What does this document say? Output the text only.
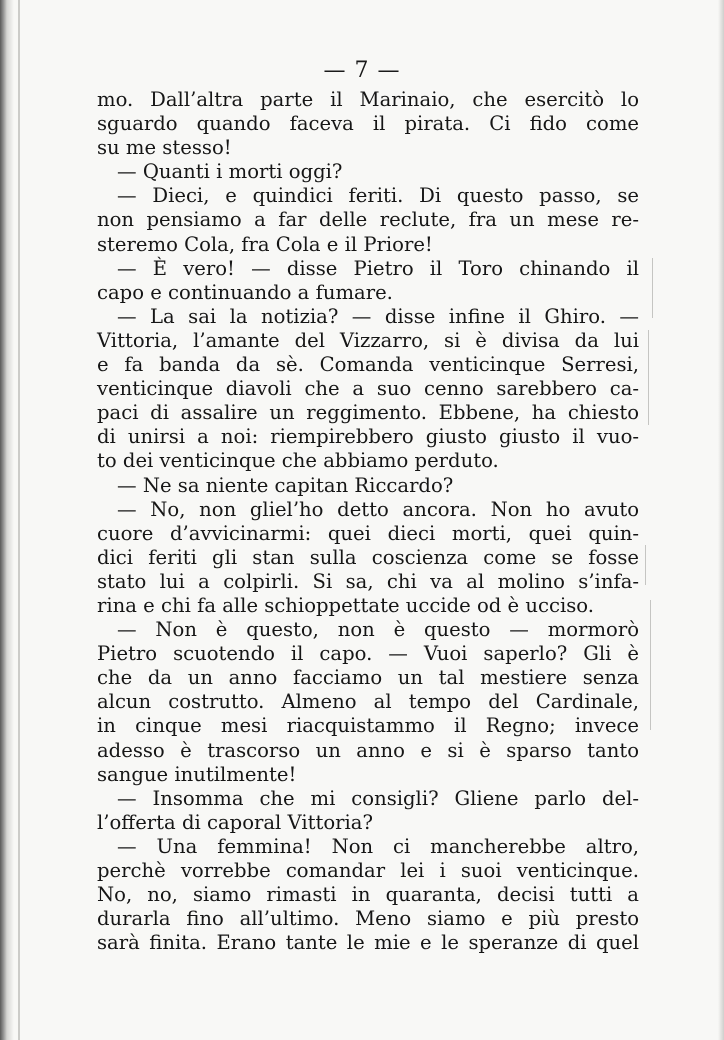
— 7 —
mo. Dall’altra parte il Marinaio, che esercitò lo
sguardo quando faceva il pirata. Ci fido come
su me stesso!
— Quanti i morti oggi?
— Dieci, e quindici feriti. Di questo passo, se
non pensiamo a far delle reclute, fra un mese re-
steremo Cola, fra Cola e il Priore!
— È vero! — disse Pietro il Toro chinando il
capo e continuando a fumare.
— La sai la notizia? — disse infine il Ghiro. —
Vittoria, l’amante del Vizzarro, si è divisa da lui
e fa banda da sè. Comanda venticinque Serresi,
venticinque diavoli che a suo cenno sarebbero ca-
paci di assalire un reggimento. Ebbene, ha chiesto
di unirsi a noi: riempirebbero giusto giusto il vuo-
to dei venticinque che abbiamo perduto.
— Ne sa niente capitan Riccardo?
— No, non gliel’ho detto ancora. Non ho avuto
cuore d’avvicinarmi: quei dieci morti, quei quin-
dici feriti gli stan sulla coscienza come se fosse
stato lui a colpirli. Si sa, chi va al molino s’infa-
rina e chi fa alle schioppettate uccide od è ucciso.
— Non è questo, non è questo — mormorò
Pietro scuotendo il capo. — Vuoi saperlo? Gli è
che da un anno facciamo un tal mestiere senza
alcun costrutto. Almeno al tempo del Cardinale,
in cinque mesi riacquistammo il Regno; invece
adesso è trascorso un anno e si è sparso tanto
sangue inutilmente!
— Insomma che mi consigli? Gliene parlo del-
l’offerta di caporal Vittoria?
— Una femmina! Non ci mancherebbe altro,
perchè vorrebbe comandar lei i suoi venticinque.
No, no, siamo rimasti in quaranta, decisi tutti a
durarla fino all’ultimo. Meno siamo e più presto
sarà finita. Erano tante le mie e le speranze di quel
